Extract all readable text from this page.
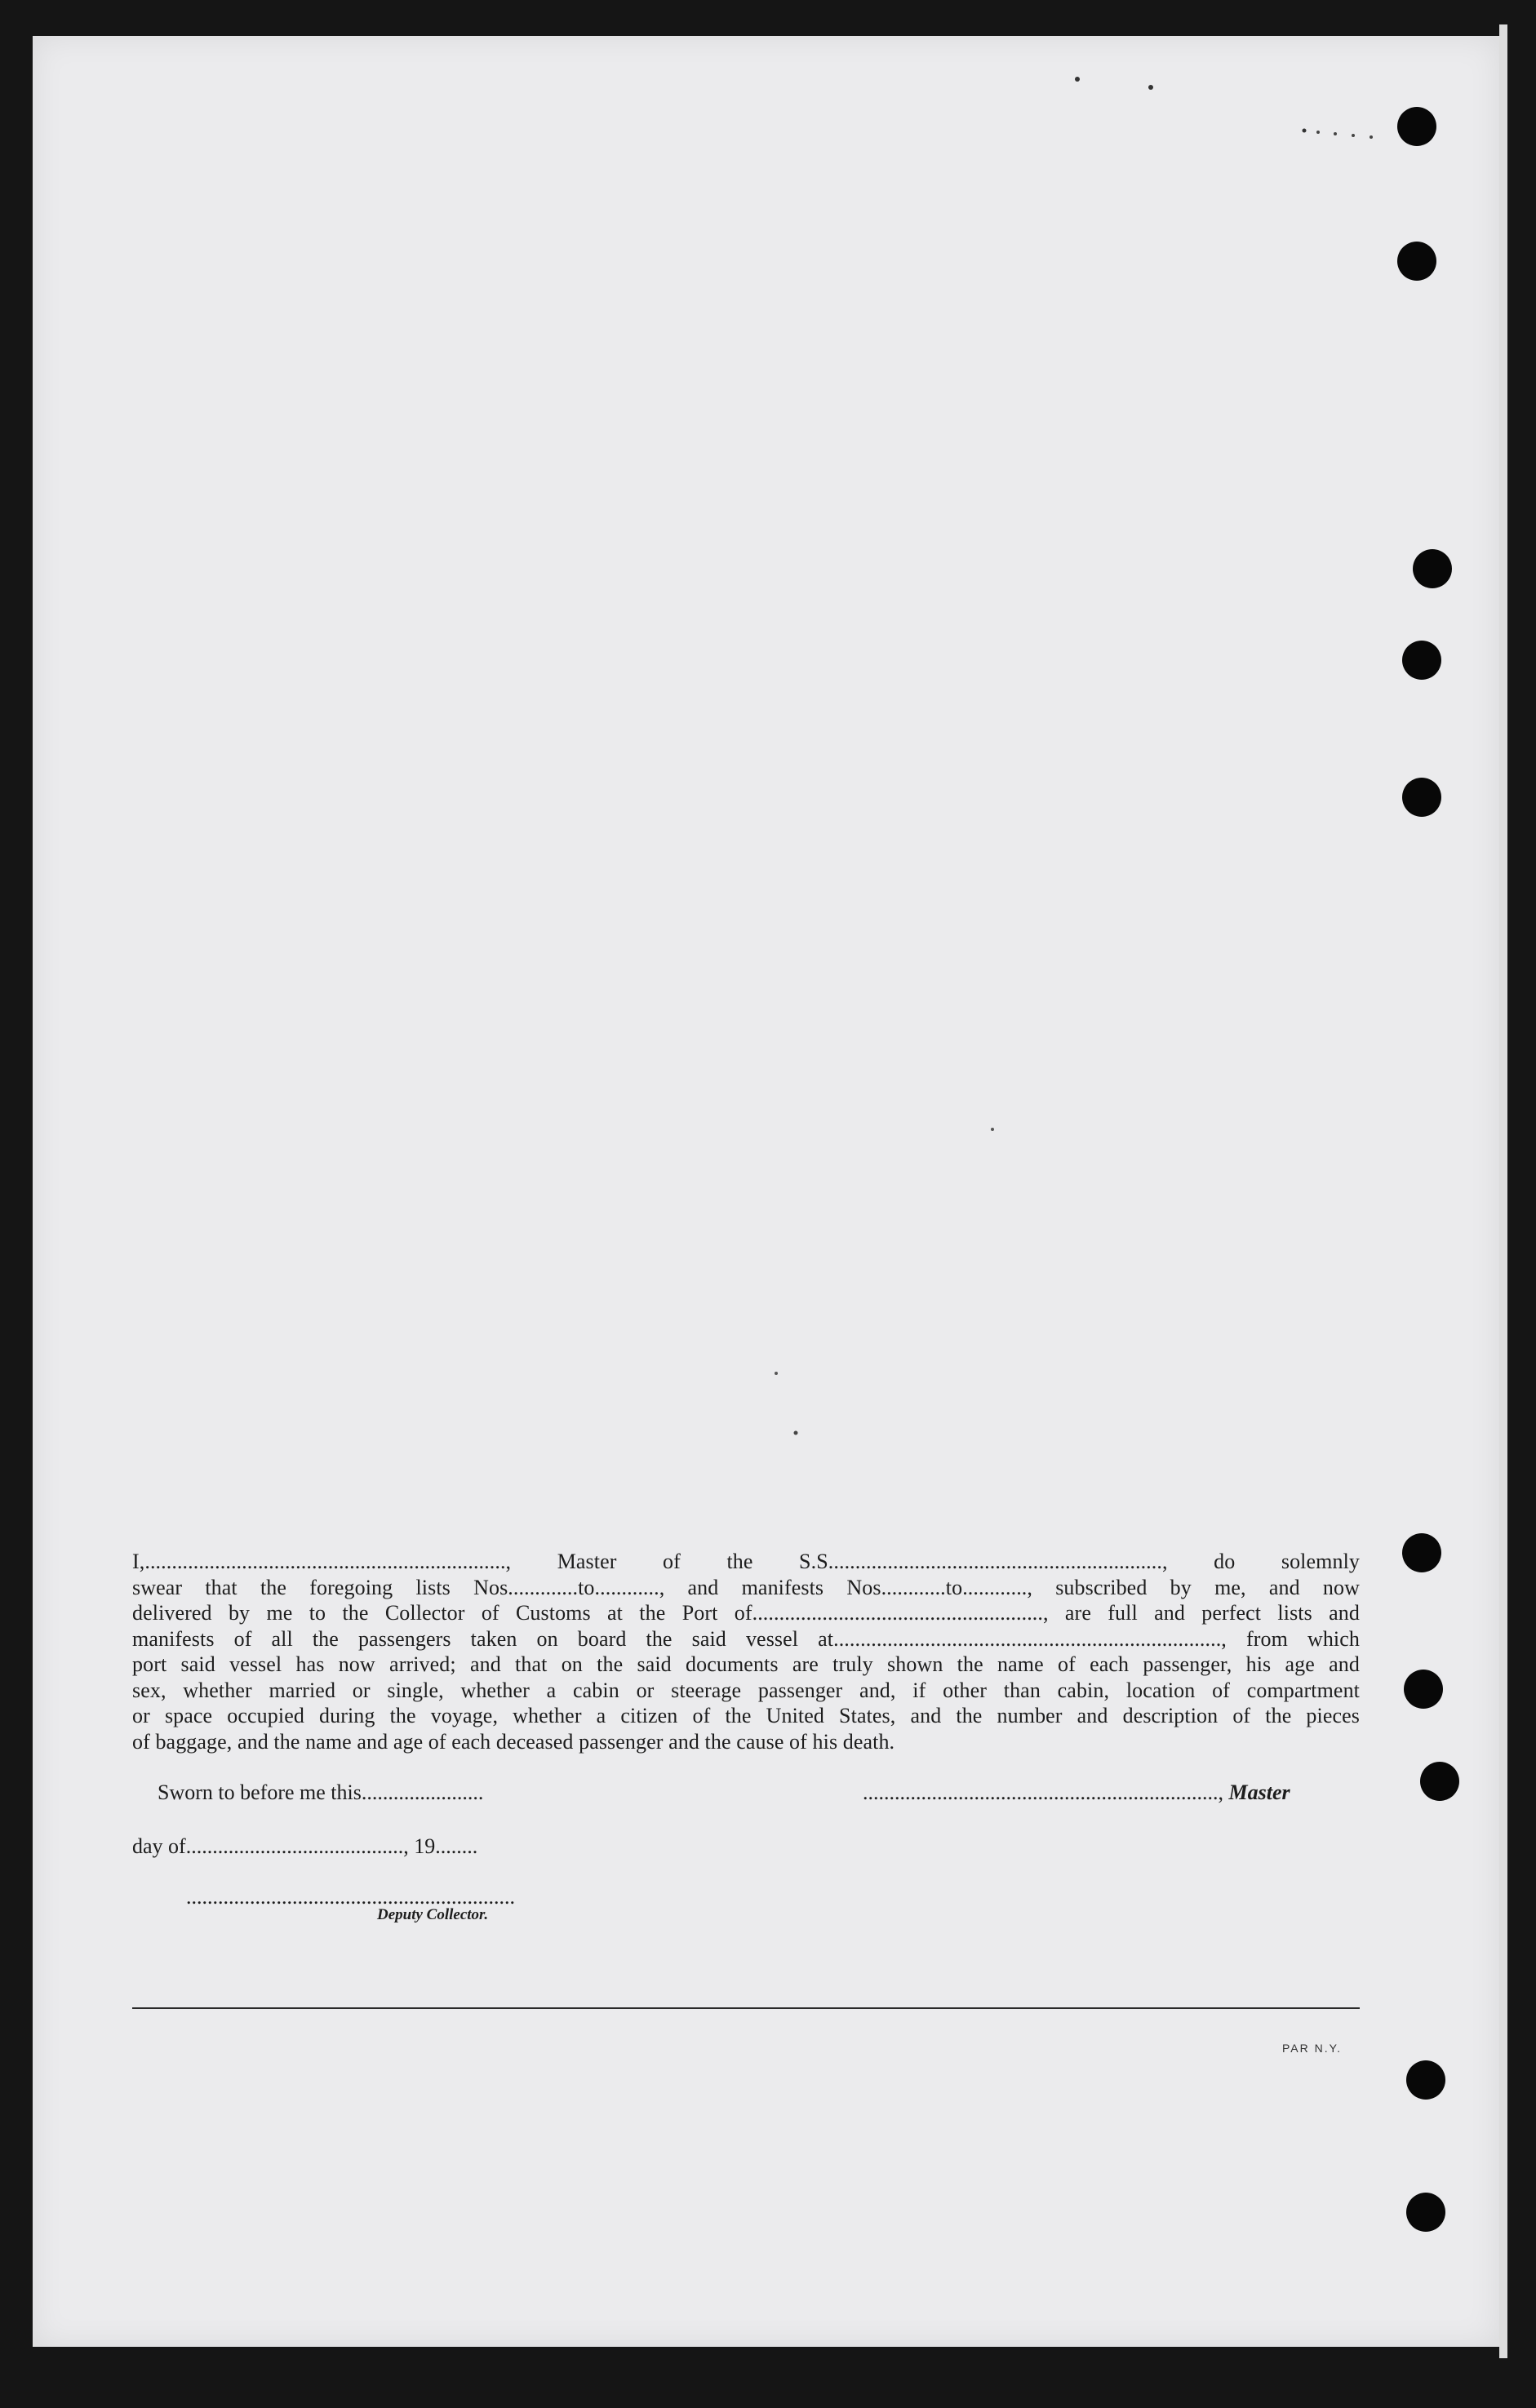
I,..................................................................., Master of the S.S.............................................................., do solemnly
swear that the foregoing lists Nos.............to............, and manifests Nos............to............, subscribed by me, and now
delivered by me to the Collector of Customs at the Port of......................................................, are full and perfect lists and
manifests of all the passengers taken on board the said vessel at........................................................................, from which
port said vessel has now arrived; and that on the said documents are truly shown the name of each passenger, his age and
sex, whether married or single, whether a cabin or steerage passenger and, if other than cabin, location of compartment
or space occupied during the voyage, whether a citizen of the United States, and the number and description of the pieces
of baggage, and the name and age of each deceased passenger and the cause of his death.
Sworn to before me this.......................	..................................................................., Master
day of........................................., 19........
..............................................................
Deputy Collector.
PAR N.Y.
